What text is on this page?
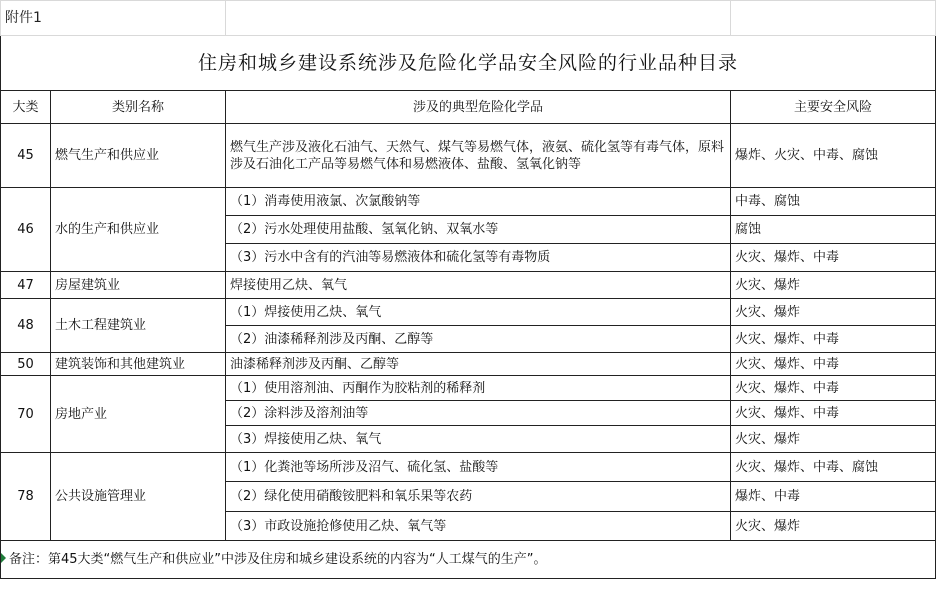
附件1			
住房和城乡建设系统涉及危险化学品安全风险的行业品种目录			
大类	类别名称	涉及的典型危险化学品	主要安全风险
45	燃气生产和供应业	燃气生产涉及液化石油气、天然气、煤气等易燃气体，液氨、硫化氢等有毒气体，原料涉及石油化工产品等易燃气体和易燃液体、盐酸、氢氧化钠等	爆炸、火灾、中毒、腐蚀
46	水的生产和供应业	（1）消毒使用液氯、次氯酸钠等	中毒、腐蚀
		（2）污水处理使用盐酸、氢氧化钠、双氧水等	腐蚀
		（3）污水中含有的汽油等易燃液体和硫化氢等有毒物质	火灾、爆炸、中毒
47	房屋建筑业	焊接使用乙炔、氧气	火灾、爆炸
48	土木工程建筑业	（1）焊接使用乙炔、氧气	火灾、爆炸
		（2）油漆稀释剂涉及丙酮、乙醇等	火灾、爆炸、中毒
50	建筑装饰和其他建筑业	油漆稀释剂涉及丙酮、乙醇等	火灾、爆炸、中毒
70	房地产业	（1）使用溶剂油、丙酮作为胶粘剂的稀释剂	火灾、爆炸、中毒
		（2）涂料涉及溶剂油等	火灾、爆炸、中毒
		（3）焊接使用乙炔、氧气	火灾、爆炸
78	公共设施管理业	（1）化粪池等场所涉及沼气、硫化氢、盐酸等	火灾、爆炸、中毒、腐蚀
		（2）绿化使用硝酸铵肥料和氧乐果等农药	爆炸、中毒
		（3）市政设施抢修使用乙炔、氧气等	火灾、爆炸
备注：第45大类“燃气生产和供应业”中涉及住房和城乡建设系统的内容为“人工煤气的生产”。			
